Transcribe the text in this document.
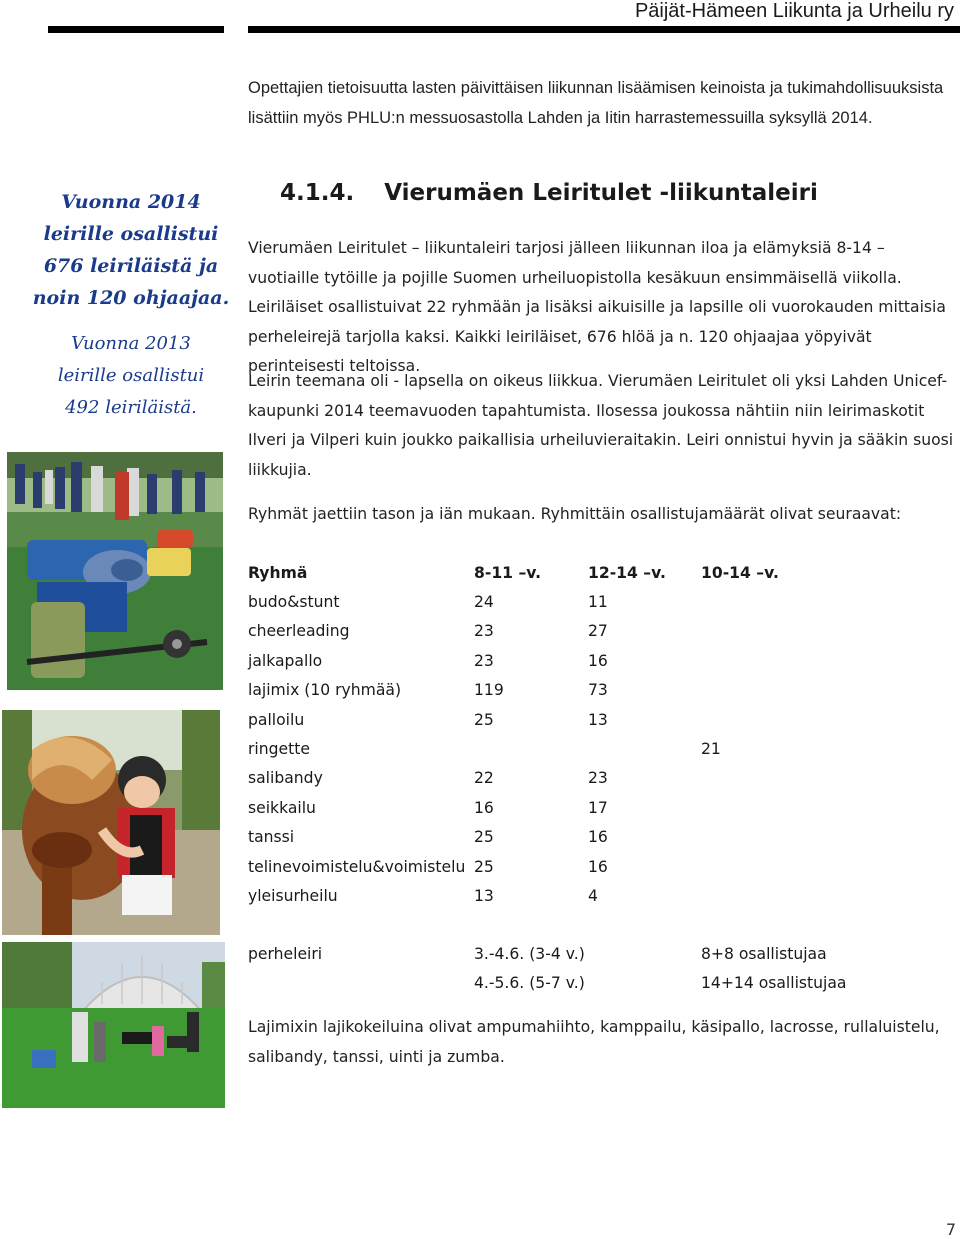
Päijät-Hämeen Liikunta ja Urheilu ry
Opettajien tietoisuutta lasten päivittäisen liikunnan lisäämisen keinoista ja tukimahdollisuuksista lisättiin myös PHLU:n messuosastolla Lahden ja Iitin harrastemessuilla syksyllä 2014.
Vuonna 2014
leirille osallistui
676 leiriläistä ja
noin 120 ohjaajaa.
Vuonna 2013
leirille osallistui
492 leiriläistä.
4.1.4. Vierumäen Leiritulet -liikuntaleiri
Vierumäen Leiritulet – liikuntaleiri tarjosi jälleen liikunnan iloa ja elämyksiä 8-14 – vuotiaille tytöille ja pojille Suomen urheiluopistolla kesäkuun ensimmäisellä viikolla. Leiriläiset osallistuivat 22 ryhmään ja lisäksi aikuisille ja lapsille oli vuorokauden mittaisia perheleirejä tarjolla kaksi. Kaikki leiriläiset, 676 hlöä ja n. 120 ohjaajaa yöpyivät perinteisesti teltoissa.
Leirin teemana oli - lapsella on oikeus liikkua. Vierumäen Leiritulet oli yksi Lahden Unicef-kaupunki 2014 teemavuoden tapahtumista. Ilosessa joukossa nähtiin niin leirimaskotit Ilveri ja Vilperi kuin joukko paikallisia urheiluvieraitakin. Leiri onnistui hyvin ja sääkin suosi liikkujia.
Ryhmät jaettiin tason ja iän mukaan. Ryhmittäin osallistujamäärät olivat seuraavat:
Ryhmä	8-11 –v.	12-14 –v.	10-14 –v.
budo&stunt	24	11	
cheerleading	23	27	
jalkapallo	23	16	
lajimix (10 ryhmää)	119	73	
palloilu	25	13	
ringette			21
salibandy	22	23	
seikkailu	16	17	
tanssi	25	16	
telinevoimistelu&voimistelu	25	16	
yleisurheilu	13	4	
perheleiri	3.-4.6. (3-4 v.)	8+8 osallistujaa
	4.-5.6. (5-7 v.)	14+14 osallistujaa
Lajimixin lajikokeiluina olivat ampumahiihto, kamppailu, käsipallo, lacrosse, rullaluistelu, salibandy, tanssi, uinti ja zumba.
7
